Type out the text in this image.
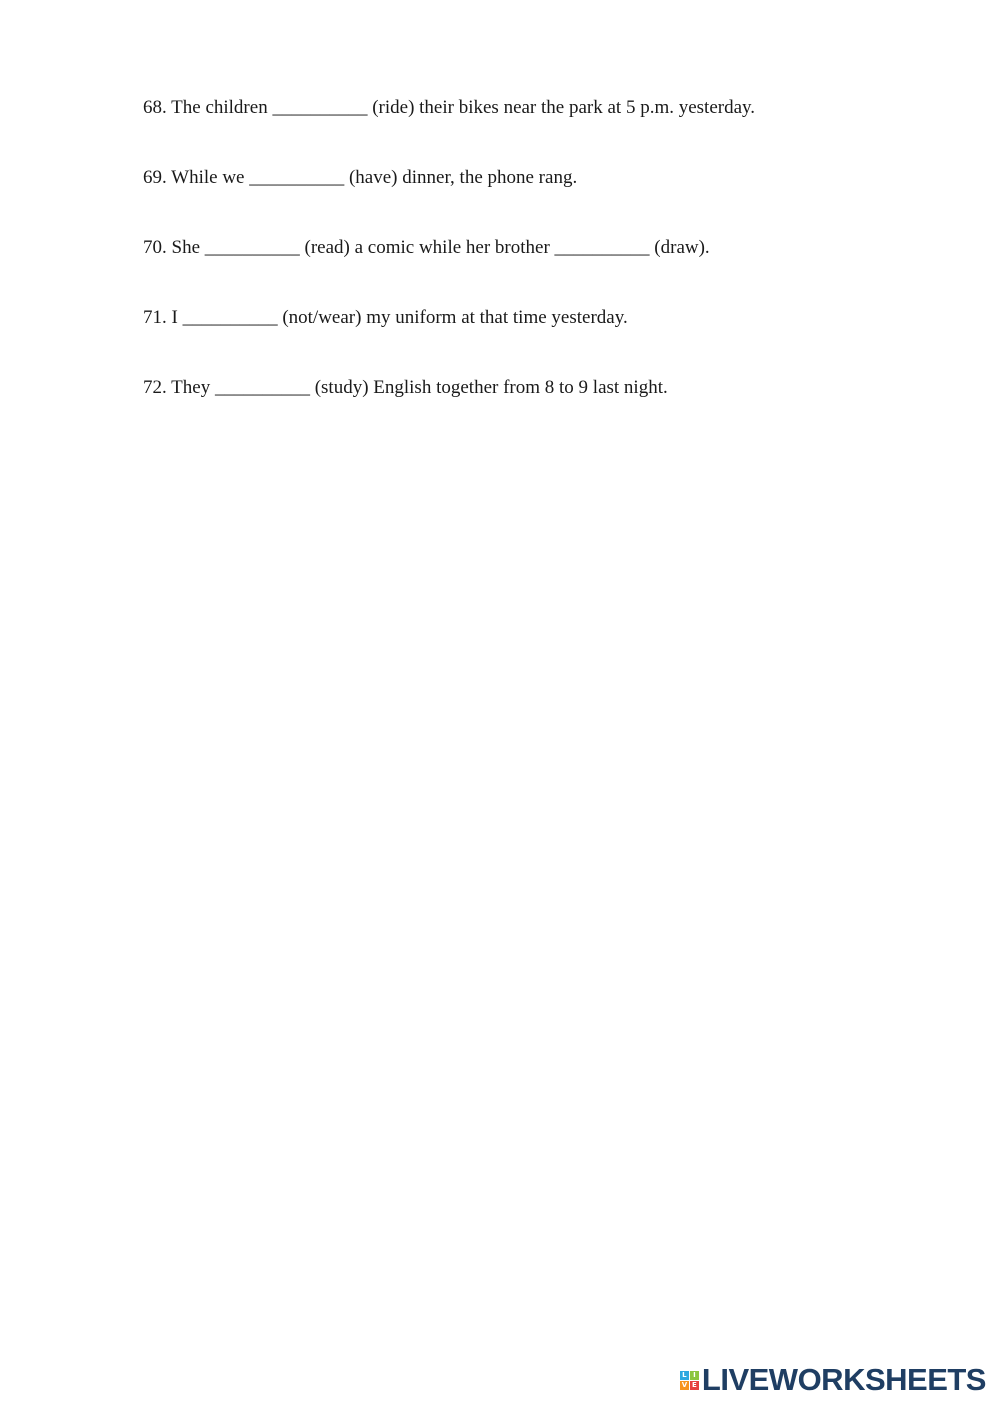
68. The children __________ (ride) their bikes near the park at 5 p.m. yesterday.

69. While we __________ (have) dinner, the phone rang.

70. She __________ (read) a comic while her brother __________ (draw).

71. I __________ (not/wear) my uniform at that time yesterday.

72. They __________ (study) English together from 8 to 9 last night.

L I
V E LIVEWORKSHEETS
